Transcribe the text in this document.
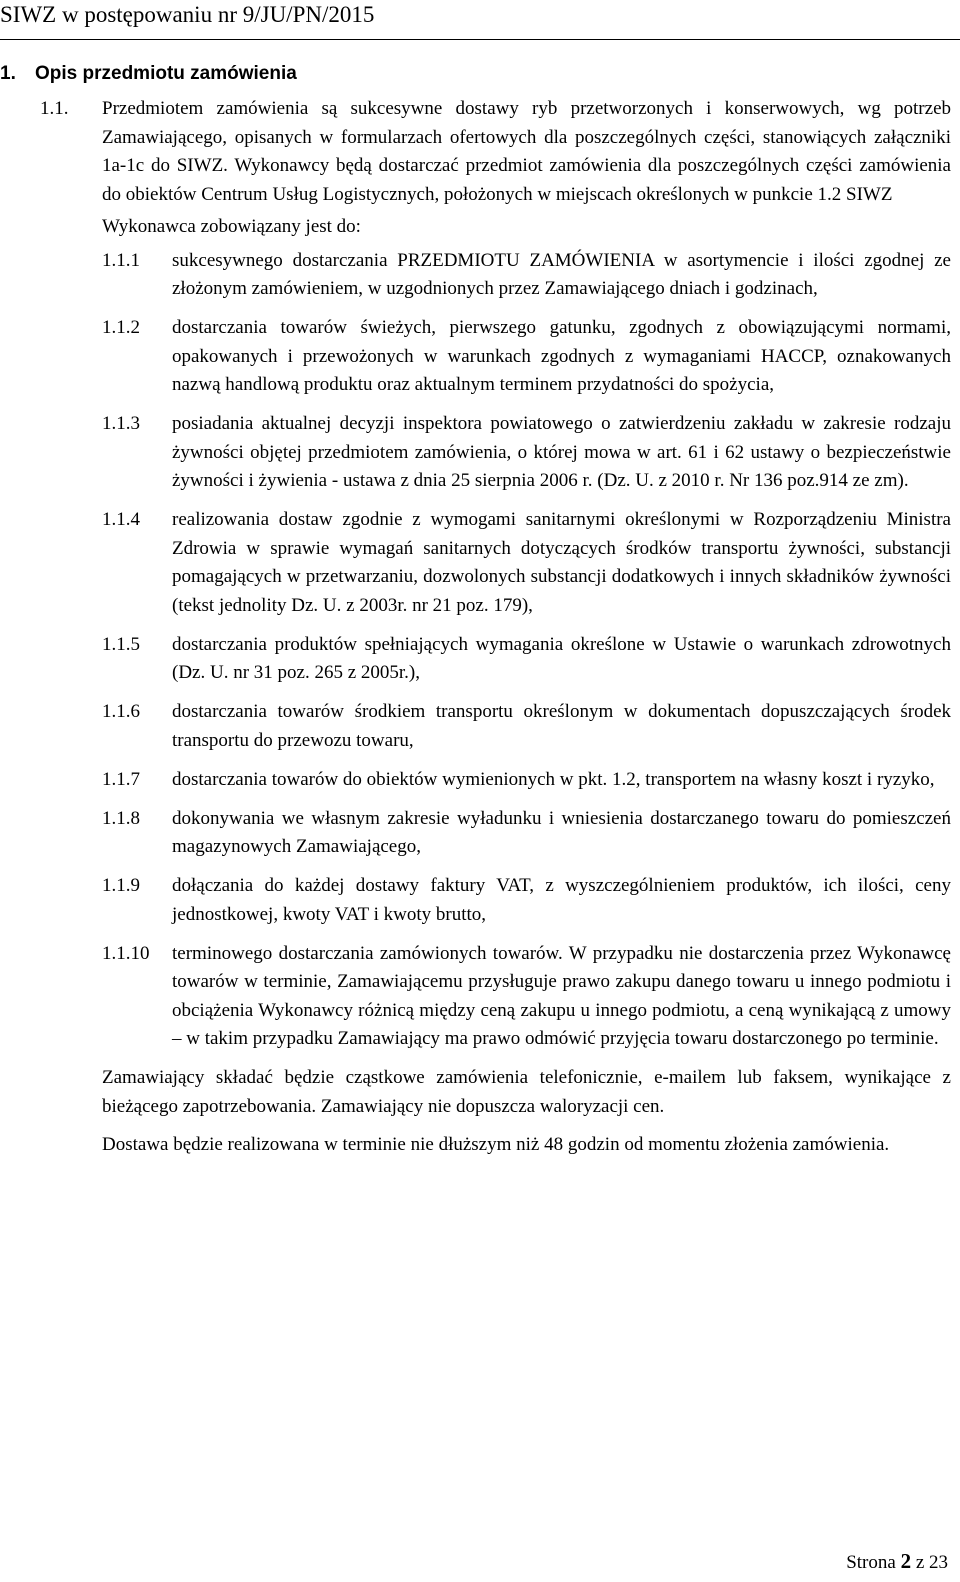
SIWZ w postępowaniu nr 9/JU/PN/2015
1. Opis przedmiotu zamówienia

1.1. Przedmiotem zamówienia są sukcesywne dostawy ryb przetworzonych i konserwowych, wg potrzeb Zamawiającego, opisanych w formularzach ofertowych dla poszczególnych części, stanowiących załączniki 1a-1c do SIWZ. Wykonawcy będą dostarczać przedmiot zamówienia dla poszczególnych części zamówienia do obiektów Centrum Usług Logistycznych, położonych w miejscach określonych w punkcie 1.2 SIWZ

Wykonawca zobowiązany jest do:

1.1.1 sukcesywnego dostarczania PRZEDMIOTU ZAMÓWIENIA w asortymencie i ilości zgodnej ze złożonym zamówieniem, w uzgodnionych przez Zamawiającego dniach i godzinach,

1.1.2 dostarczania towarów świeżych, pierwszego gatunku, zgodnych z obowiązującymi normami, opakowanych i przewożonych w warunkach zgodnych z wymaganiami HACCP, oznakowanych nazwą handlową produktu oraz aktualnym terminem przydatności do spożycia,

1.1.3 posiadania aktualnej decyzji inspektora powiatowego o zatwierdzeniu zakładu w zakresie rodzaju żywności objętej przedmiotem zamówienia, o której mowa w art. 61 i 62 ustawy o bezpieczeństwie żywności i żywienia - ustawa z dnia 25 sierpnia 2006 r. (Dz. U. z 2010 r. Nr 136 poz.914 ze zm).

1.1.4 realizowania dostaw zgodnie z wymogami sanitarnymi określonymi w Rozporządzeniu Ministra Zdrowia w sprawie wymagań sanitarnych dotyczących środków transportu żywności, substancji pomagających w przetwarzaniu, dozwolonych substancji dodatkowych i innych składników żywności (tekst jednolity Dz. U. z 2003r. nr 21 poz. 179),

1.1.5 dostarczania produktów spełniających wymagania określone w Ustawie o warunkach zdrowotnych (Dz. U. nr 31 poz. 265 z 2005r.),

1.1.6 dostarczania towarów środkiem transportu określonym w dokumentach dopuszczających środek transportu do przewozu towaru,

1.1.7 dostarczania towarów do obiektów wymienionych w pkt. 1.2, transportem na własny koszt i ryzyko,

1.1.8 dokonywania we własnym zakresie wyładunku i wniesienia dostarczanego towaru do pomieszczeń magazynowych Zamawiającego,

1.1.9 dołączania do każdej dostawy faktury VAT, z wyszczególnieniem produktów, ich ilości, ceny jednostkowej, kwoty VAT i kwoty brutto,

1.1.10 terminowego dostarczania zamówionych towarów. W przypadku nie dostarczenia przez Wykonawcę towarów w terminie, Zamawiającemu przysługuje prawo zakupu danego towaru u innego podmiotu i obciążenia Wykonawcy różnicą między ceną zakupu u innego podmiotu, a ceną wynikającą z umowy – w takim przypadku Zamawiający ma prawo odmówić przyjęcia towaru dostarczonego po terminie.

Zamawiający składać będzie cząstkowe zamówienia telefonicznie, e-mailem lub faksem, wynikające z bieżącego zapotrzebowania. Zamawiający nie dopuszcza waloryzacji cen.

Dostawa będzie realizowana w terminie nie dłuższym niż 48 godzin od momentu złożenia zamówienia.

Strona 2 z 23
